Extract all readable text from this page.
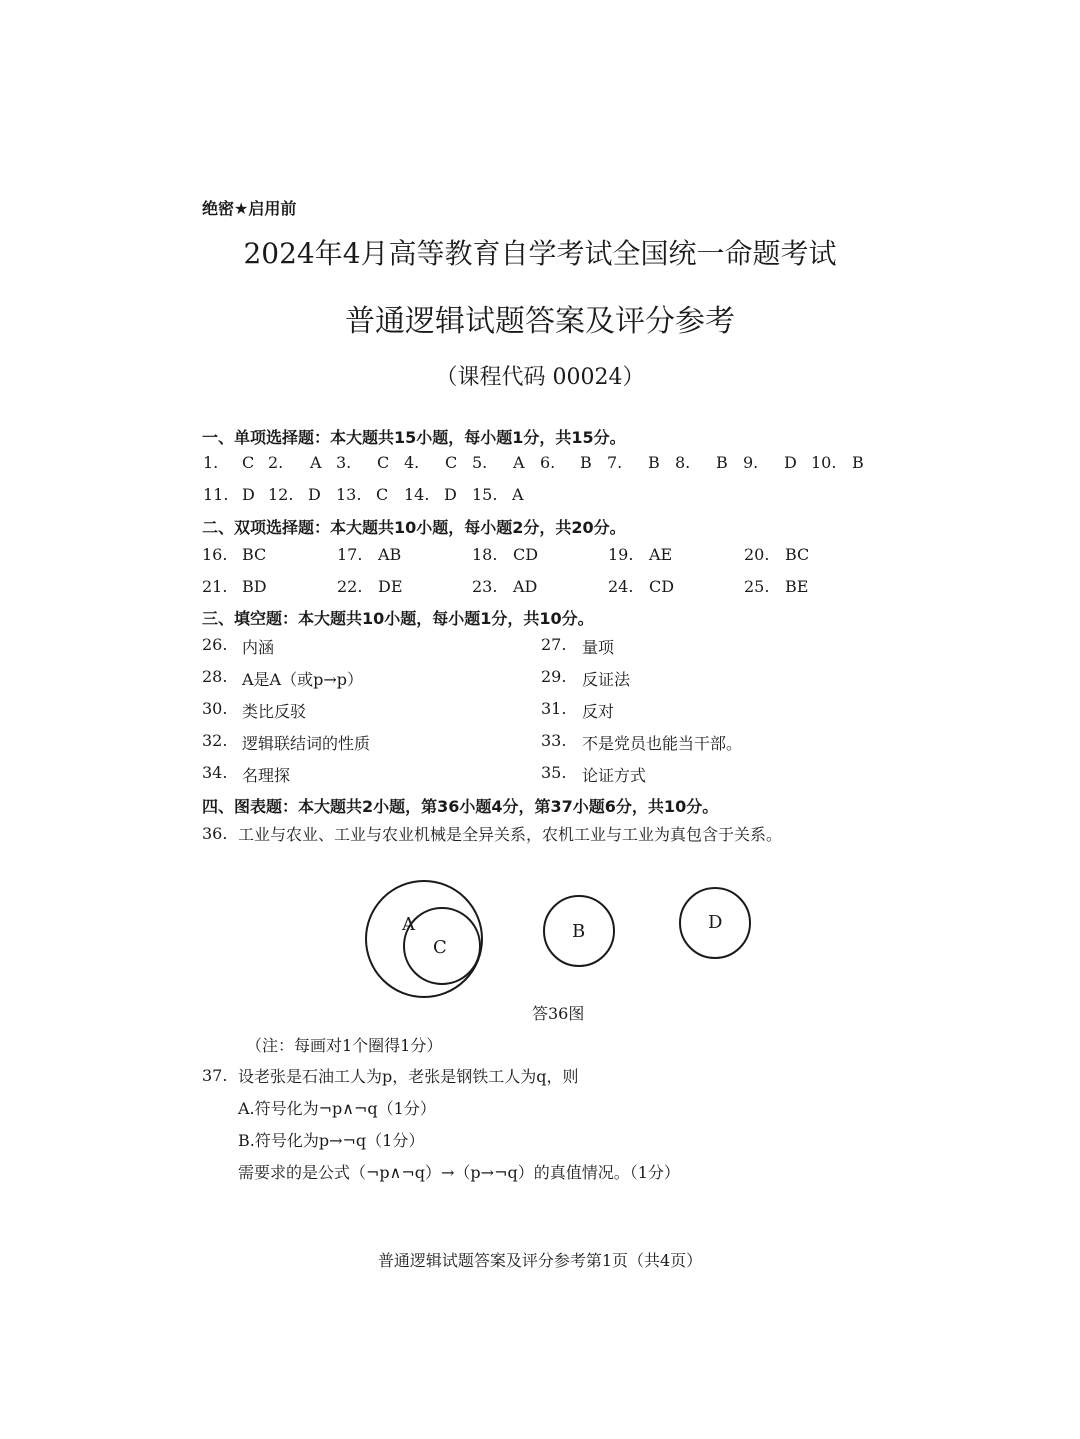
绝密★启用前
2024年4月高等教育自学考试全国统一命题考试
普通逻辑试题答案及评分参考
（课程代码 00024）
一、单项选择题：本大题共15小题，每小题1分，共15分。
1. C 2. A 3. C 4. C 5. A 6. B 7. B 8. B 9. D 10. B
11. D 12. D 13. C 14. D 15. A
二、双项选择题：本大题共10小题，每小题2分，共20分。
16. BC	17. AB	18. CD	19. AE	20. BC
21. BD	22. DE	23. AD	24. CD	25. BE
三、填空题：本大题共10小题，每小题1分，共10分。
26. 内涵	27. 量项
28. A是A（或p→p）	29. 反证法
30. 类比反驳	31. 反对
32. 逻辑联结词的性质	33. 不是党员也能当干部。
34. 名理探	35. 论证方式
四、图表题：本大题共2小题，第36小题4分，第37小题6分，共10分。
36. 工业与农业、工业与农业机械是全异关系，农机工业与工业为真包含于关系。
A
C
B	D
答36图
（注：每画对1个圈得1分）
37. 设老张是石油工人为p，老张是钢铁工人为q，则
A.符号化为¬p∧¬q（1分）
B.符号化为p→¬q（1分）
需要求的是公式（¬p∧¬q）→（p→¬q）的真值情况。（1分）
普通逻辑试题答案及评分参考第1页（共4页）
